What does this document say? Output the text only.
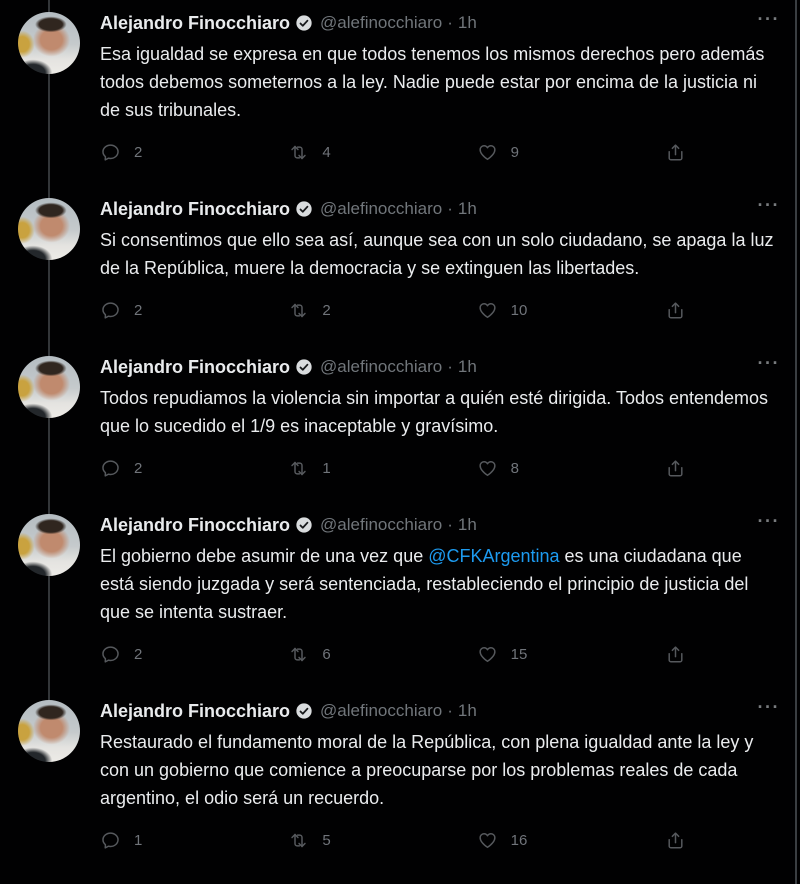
Alejandro Finocchiaro @alefinocchiaro · 1h	···

Esa igualdad se expresa en que todos tenemos los mismos derechos pero además todos debemos someternos a la ley. Nadie puede estar por encima de la justicia ni de sus tribunales.

2	4	9
Alejandro Finocchiaro @alefinocchiaro · 1h	···

Si consentimos que ello sea así, aunque sea con un solo ciudadano, se apaga la luz de la República, muere la democracia y se extinguen las libertades.

2	2	10
Alejandro Finocchiaro @alefinocchiaro · 1h	···

Todos repudiamos la violencia sin importar a quién esté dirigida. Todos entendemos que lo sucedido el 1/9 es inaceptable y gravísimo.

2	1	8
Alejandro Finocchiaro @alefinocchiaro · 1h	···

El gobierno debe asumir de una vez que @CFKArgentina es una ciudadana que está siendo juzgada y será sentenciada, restableciendo el principio de justicia del que se intenta sustraer.

2	6	15
Alejandro Finocchiaro @alefinocchiaro · 1h	···

Restaurado el fundamento moral de la República, con plena igualdad ante la ley y con un gobierno que comience a preocuparse por los problemas reales de cada argentino, el odio será un recuerdo.

1	5	16
